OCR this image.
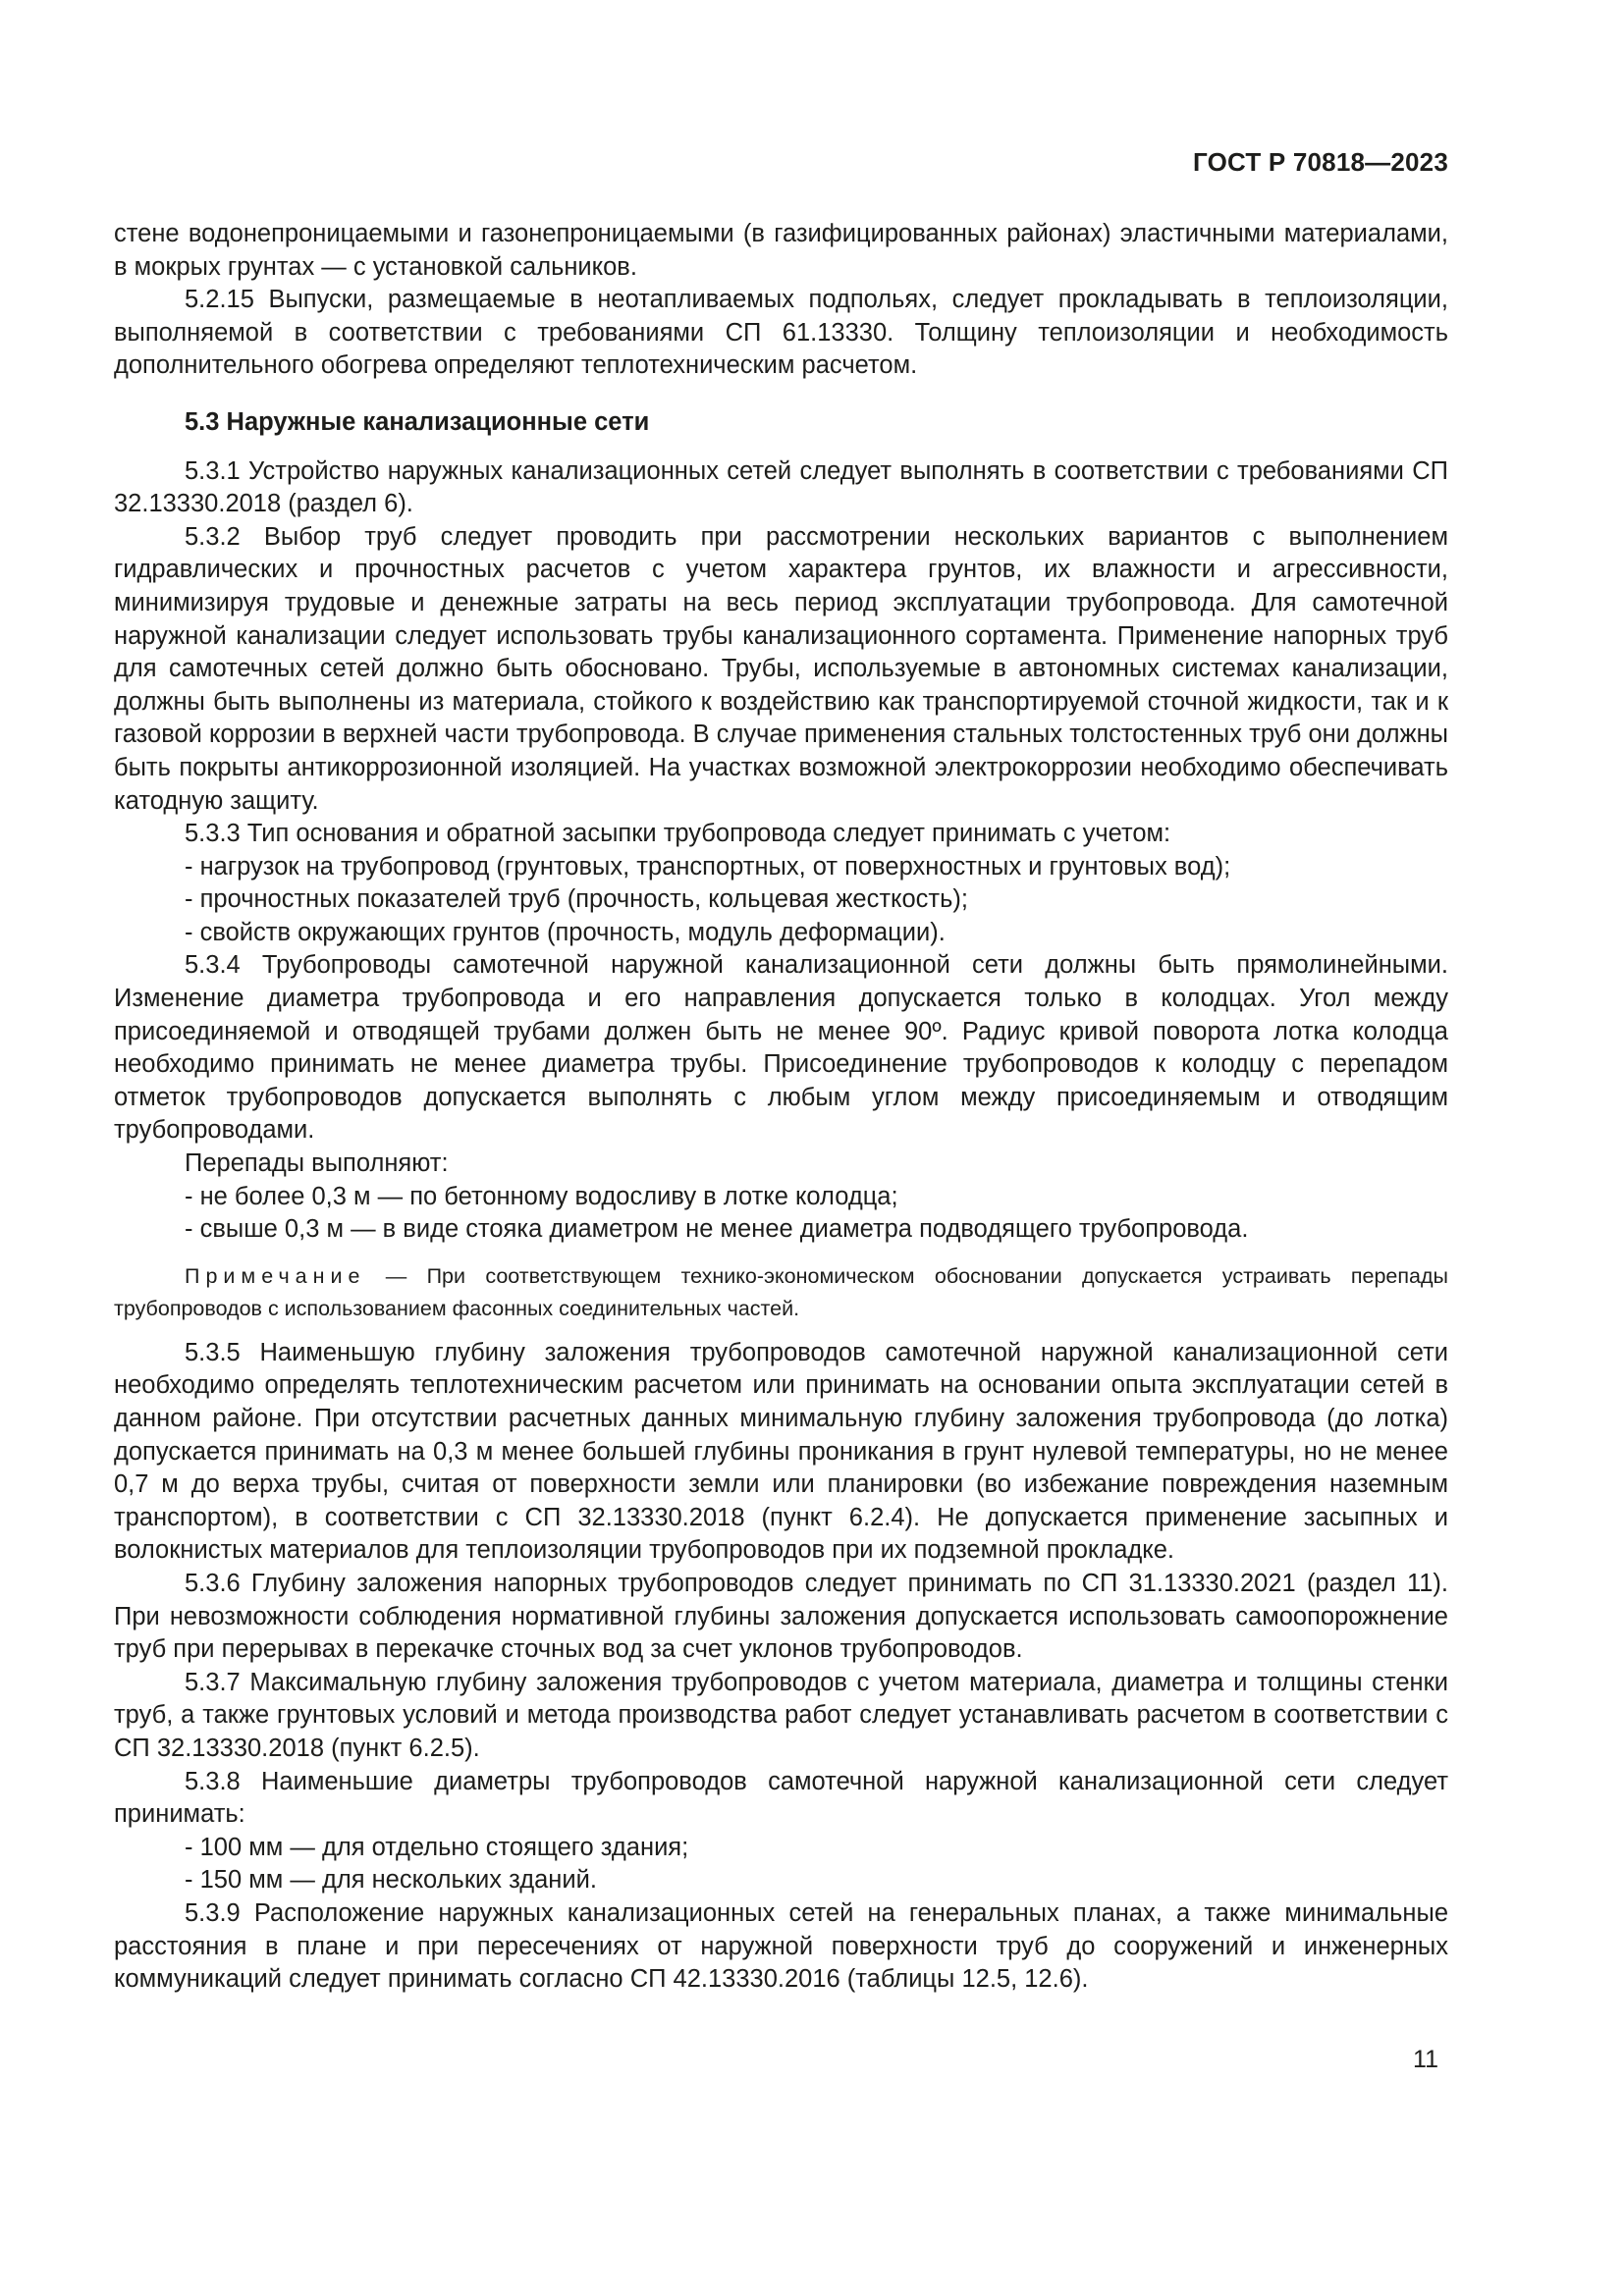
ГОСТ Р 70818—2023

стене водонепроницаемыми и газонепроницаемыми (в газифицированных районах) эластичными материалами, в мокрых грунтах — с установкой сальников.

5.2.15 Выпуски, размещаемые в неотапливаемых подпольях, следует прокладывать в теплоизоляции, выполняемой в соответствии с требованиями СП 61.13330. Толщину теплоизоляции и необходимость дополнительного обогрева определяют теплотехническим расчетом.

5.3 Наружные канализационные сети

5.3.1 Устройство наружных канализационных сетей следует выполнять в соответствии с требованиями СП 32.13330.2018 (раздел 6).

5.3.2 Выбор труб следует проводить при рассмотрении нескольких вариантов с выполнением гидравлических и прочностных расчетов с учетом характера грунтов, их влажности и агрессивности, минимизируя трудовые и денежные затраты на весь период эксплуатации трубопровода. Для самотечной наружной канализации следует использовать трубы канализационного сортамента. Применение напорных труб для самотечных сетей должно быть обосновано. Трубы, используемые в автономных системах канализации, должны быть выполнены из материала, стойкого к воздействию как транспортируемой сточной жидкости, так и к газовой коррозии в верхней части трубопровода. В случае применения стальных толстостенных труб они должны быть покрыты антикоррозионной изоляцией. На участках возможной электрокоррозии необходимо обеспечивать катодную защиту.

5.3.3 Тип основания и обратной засыпки трубопровода следует принимать с учетом:

- нагрузок на трубопровод (грунтовых, транспортных, от поверхностных и грунтовых вод);
- прочностных показателей труб (прочность, кольцевая жесткость);
- свойств окружающих грунтов (прочность, модуль деформации).

5.3.4 Трубопроводы самотечной наружной канализационной сети должны быть прямолинейными. Изменение диаметра трубопровода и его направления допускается только в колодцах. Угол между присоединяемой и отводящей трубами должен быть не менее 90º. Радиус кривой поворота лотка колодца необходимо принимать не менее диаметра трубы. Присоединение трубопроводов к колодцу с перепадом отметок трубопроводов допускается выполнять с любым углом между присоединяемым и отводящим трубопроводами.

Перепады выполняют:

- не более 0,3 м — по бетонному водосливу в лотке колодца;
- свыше 0,3 м — в виде стояка диаметром не менее диаметра подводящего трубопровода.

Примечание — При соответствующем технико-экономическом обосновании допускается устраивать перепады трубопроводов с использованием фасонных соединительных частей.

5.3.5 Наименьшую глубину заложения трубопроводов самотечной наружной канализационной сети необходимо определять теплотехническим расчетом или принимать на основании опыта эксплуатации сетей в данном районе. При отсутствии расчетных данных минимальную глубину заложения трубопровода (до лотка) допускается принимать на 0,3 м менее большей глубины проникания в грунт нулевой температуры, но не менее 0,7 м до верха трубы, считая от поверхности земли или планировки (во избежание повреждения наземным транспортом), в соответствии с СП 32.13330.2018 (пункт 6.2.4). Не допускается применение засыпных и волокнистых материалов для теплоизоляции трубопроводов при их подземной прокладке.

5.3.6 Глубину заложения напорных трубопроводов следует принимать по СП 31.13330.2021 (раздел 11). При невозможности соблюдения нормативной глубины заложения допускается использовать самоопорожнение труб при перерывах в перекачке сточных вод за счет уклонов трубопроводов.

5.3.7 Максимальную глубину заложения трубопроводов с учетом материала, диаметра и толщины стенки труб, а также грунтовых условий и метода производства работ следует устанавливать расчетом в соответствии с СП 32.13330.2018 (пункт 6.2.5).

5.3.8 Наименьшие диаметры трубопроводов самотечной наружной канализационной сети следует принимать:

- 100 мм — для отдельно стоящего здания;
- 150 мм — для нескольких зданий.

5.3.9 Расположение наружных канализационных сетей на генеральных планах, а также минимальные расстояния в плане и при пересечениях от наружной поверхности труб до сооружений и инженерных коммуникаций следует принимать согласно СП 42.13330.2016 (таблицы 12.5, 12.6).

11
